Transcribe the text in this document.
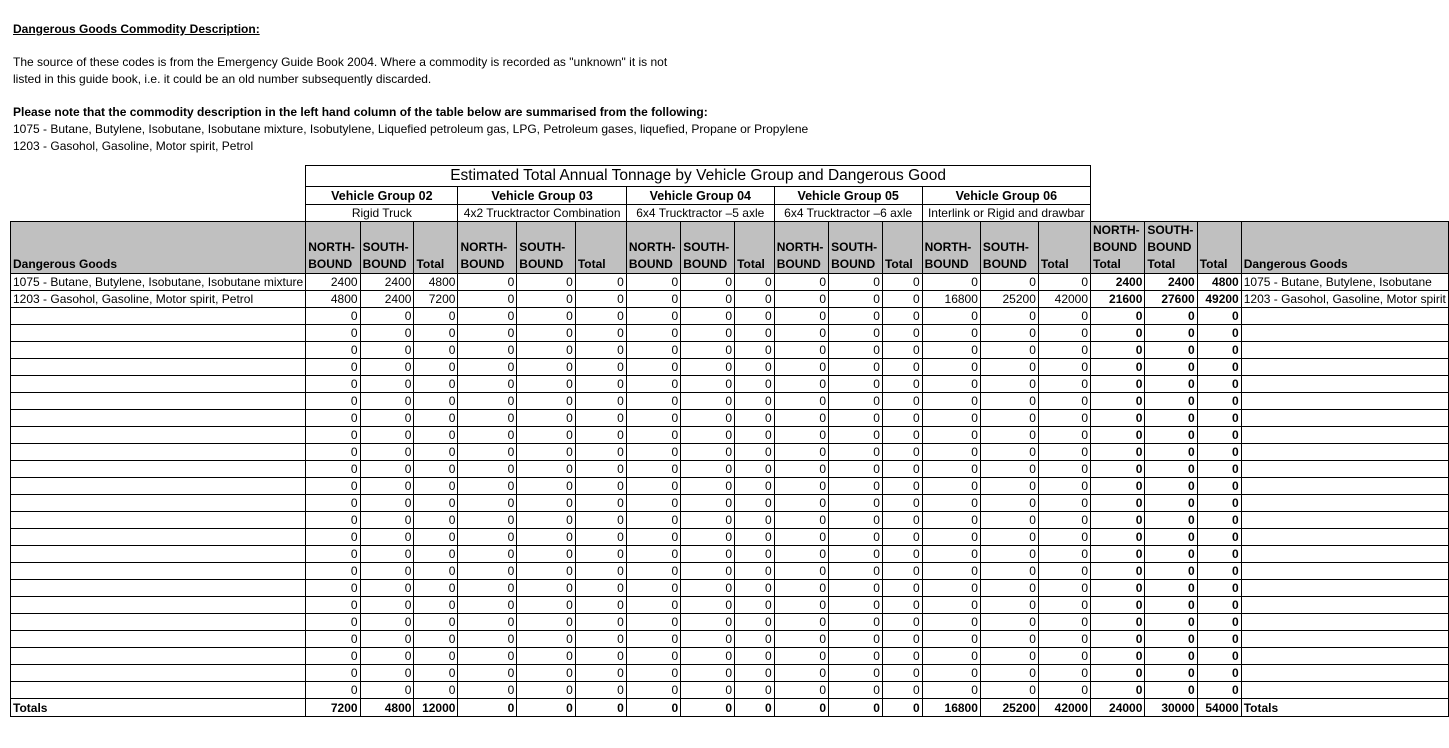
Dangerous Goods Commodity Description:
The source of these codes is from the Emergency Guide Book 2004. Where a commodity is recorded as "unknown" it is not
listed in this guide book, i.e. it could be an old number subsequently discarded.
Please note that the commodity description in the left hand column of the table below are summarised from the following:
1075 - Butane, Butylene, Isobutane, Isobutane mixture, Isobutylene, Liquefied petroleum gas, LPG, Petroleum gases, liquefied, Propane or Propylene
1203 - Gasohol, Gasoline, Motor spirit, Petrol
	Estimated Total Annual Tonnage by Vehicle Group and Dangerous Good																		
	Vehicle Group 02			Vehicle Group 03			Vehicle Group 04			Vehicle Group 05			Vehicle Group 06						
	Rigid Truck			4x2 Trucktractor Combination			6x4 Trucktractor –5 axle			6x4 Trucktractor –6 axle			Interlink or Rigid and drawbar						
Dangerous Goods	NORTH-
BOUND	SOUTH-
BOUND	Total	NORTH-
BOUND	SOUTH-
BOUND	Total	NORTH-
BOUND	SOUTH-
BOUND	Total	NORTH-
BOUND	SOUTH-
BOUND	Total	NORTH-
BOUND	SOUTH-
BOUND	Total	NORTH-
BOUND
Total	SOUTH-
BOUND
Total	Total	Dangerous Goods
1075 - Butane, Butylene, Isobutane, Isobutane mixture	2400	2400	4800	0	0	0	0	0	0	0	0	0	0	0	0	2400	2400	4800	1075 - Butane, Butylene, Isobutane
1203 - Gasohol, Gasoline, Motor spirit, Petrol	4800	2400	7200	0	0	0	0	0	0	0	0	0	16800	25200	42000	21600	27600	49200	1203 - Gasohol, Gasoline, Motor spirit
	0	0	0	0	0	0	0	0	0	0	0	0	0	0	0	0	0	0	
	0	0	0	0	0	0	0	0	0	0	0	0	0	0	0	0	0	0	
	0	0	0	0	0	0	0	0	0	0	0	0	0	0	0	0	0	0	
	0	0	0	0	0	0	0	0	0	0	0	0	0	0	0	0	0	0	
	0	0	0	0	0	0	0	0	0	0	0	0	0	0	0	0	0	0	
	0	0	0	0	0	0	0	0	0	0	0	0	0	0	0	0	0	0	
	0	0	0	0	0	0	0	0	0	0	0	0	0	0	0	0	0	0	
	0	0	0	0	0	0	0	0	0	0	0	0	0	0	0	0	0	0	
	0	0	0	0	0	0	0	0	0	0	0	0	0	0	0	0	0	0	
	0	0	0	0	0	0	0	0	0	0	0	0	0	0	0	0	0	0	
	0	0	0	0	0	0	0	0	0	0	0	0	0	0	0	0	0	0	
	0	0	0	0	0	0	0	0	0	0	0	0	0	0	0	0	0	0	
	0	0	0	0	0	0	0	0	0	0	0	0	0	0	0	0	0	0	
	0	0	0	0	0	0	0	0	0	0	0	0	0	0	0	0	0	0	
	0	0	0	0	0	0	0	0	0	0	0	0	0	0	0	0	0	0	
	0	0	0	0	0	0	0	0	0	0	0	0	0	0	0	0	0	0	
	0	0	0	0	0	0	0	0	0	0	0	0	0	0	0	0	0	0	
	0	0	0	0	0	0	0	0	0	0	0	0	0	0	0	0	0	0	
	0	0	0	0	0	0	0	0	0	0	0	0	0	0	0	0	0	0	
	0	0	0	0	0	0	0	0	0	0	0	0	0	0	0	0	0	0	
	0	0	0	0	0	0	0	0	0	0	0	0	0	0	0	0	0	0	
	0	0	0	0	0	0	0	0	0	0	0	0	0	0	0	0	0	0	
	0	0	0	0	0	0	0	0	0	0	0	0	0	0	0	0	0	0	
Totals	7200	4800	12000	0	0	0	0	0	0	0	0	0	16800	25200	42000	24000	30000	54000	Totals
